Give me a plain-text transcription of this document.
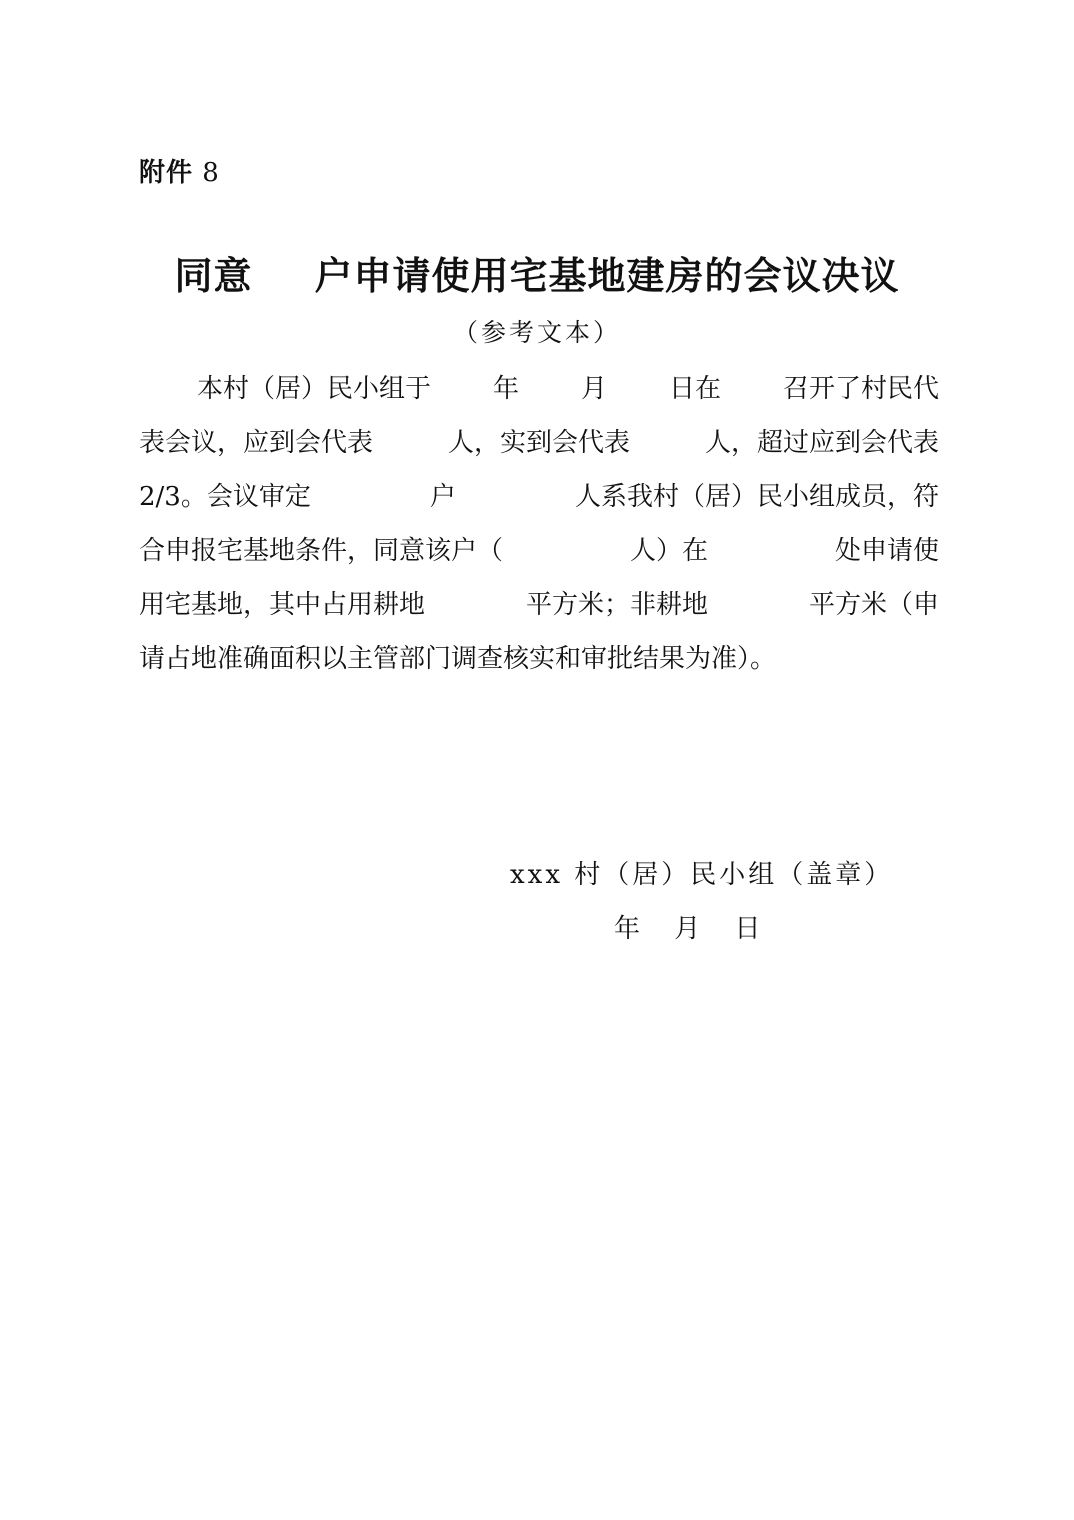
附件 8
同意 户申请使用宅基地建房的会议决议
（参考文本）
本村（居）民小组于 年 月 日在 召开了村民代
表会议，应到会代表	人，实到会代表	人，超过应到会代表
2/3。会议审定	户	人系我村（居）民小组成员，符
合申报宅基地条件，同意该户（	人）在	处申请使
用宅基地，其中占用耕地	平方米；非耕地	平方米（申
请占地准确面积以主管部门调查核实和审批结果为准）。
xxx 村（居）民小组（盖章）
年　 月 　日
